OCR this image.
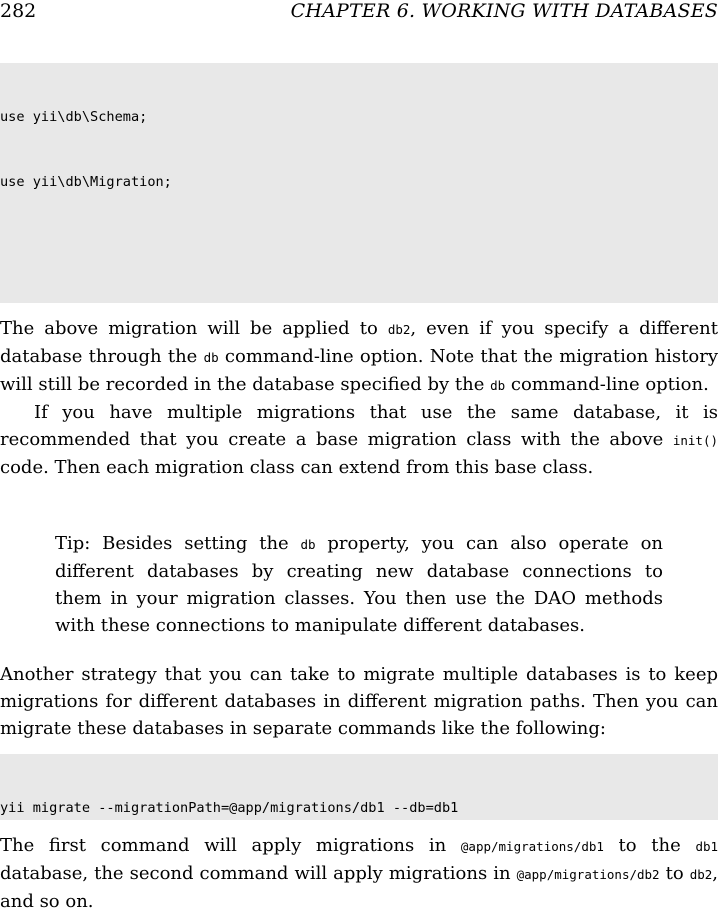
282	CHAPTER 6. WORKING WITH DATABASES

use yii\db\Schema;

use yii\db\Migration;

The above migration will be applied to db2, even if you specify a different database through the db command-line option. Note that the migration history will still be recorded in the database specified by the db command-line option.

If you have multiple migrations that use the same database, it is recommended that you create a base migration class with the above init() code. Then each migration class can extend from this base class.

Tip: Besides setting the db property, you can also operate on different databases by creating new database connections to them in your migration classes. You then use the DAO methods with these connections to manipulate different databases.

Another strategy that you can take to migrate multiple databases is to keep migrations for different databases in different migration paths. Then you can migrate these databases in separate commands like the following:

yii migrate --migrationPath=@app/migrations/db1 --db=db1

The first command will apply migrations in @app/migrations/db1 to the db1 database, the second command will apply migrations in @app/migrations/db2 to db2, and so on.
